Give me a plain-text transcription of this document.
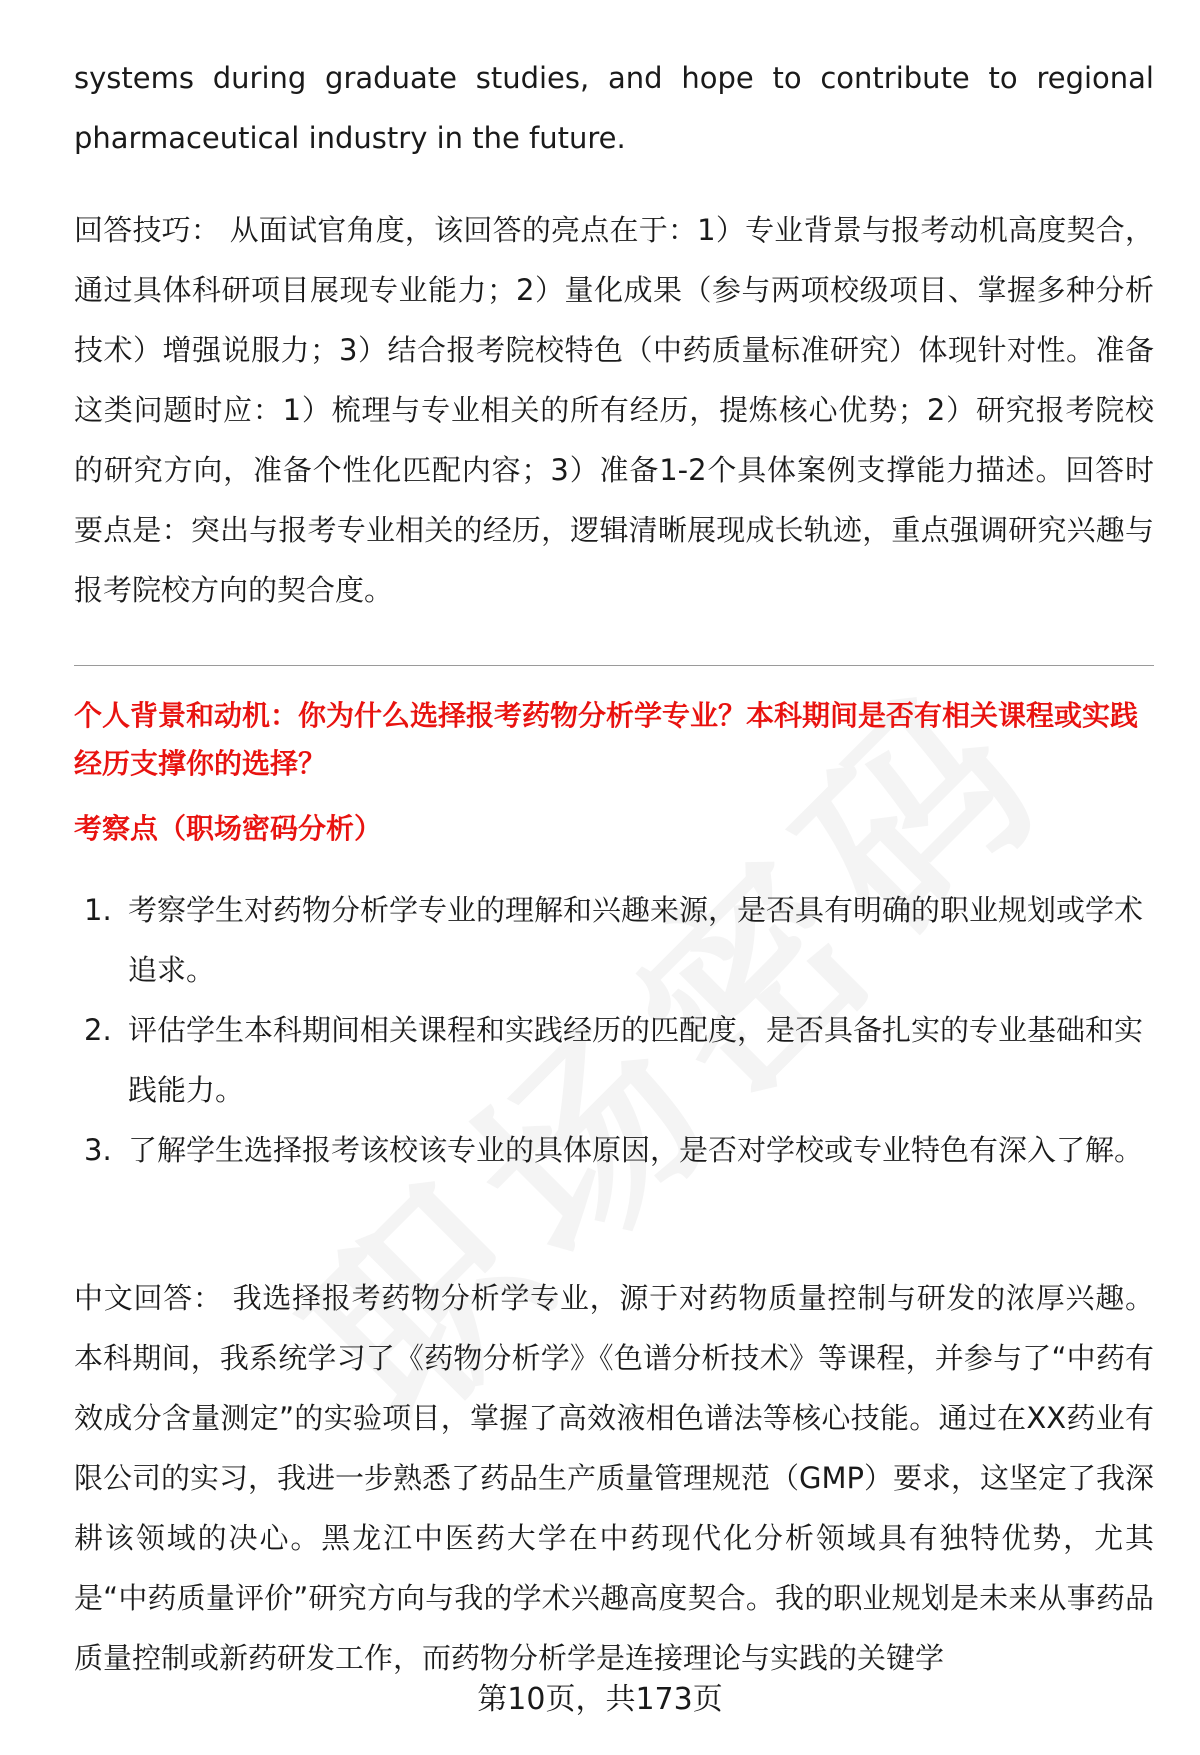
systems during graduate studies, and hope to contribute to regional pharmaceutical industry in the future.

回答技巧： 从面试官角度，该回答的亮点在于：1）专业背景与报考动机高度契合，通过具体科研项目展现专业能力；2）量化成果（参与两项校级项目、掌握多种分析技术）增强说服力；3）结合报考院校特色（中药质量标准研究）体现针对性。准备这类问题时应：1）梳理与专业相关的所有经历，提炼核心优势；2）研究报考院校的研究方向，准备个性化匹配内容；3）准备1-2个具体案例支撑能力描述。回答时要点是：突出与报考专业相关的经历，逻辑清晰展现成长轨迹，重点强调研究兴趣与报考院校方向的契合度。

个人背景和动机：你为什么选择报考药物分析学专业？本科期间是否有相关课程或实践经历支撑你的选择？

考察点（职场密码分析）

1. 考察学生对药物分析学专业的理解和兴趣来源，是否具有明确的职业规划或学术追求。
2. 评估学生本科期间相关课程和实践经历的匹配度，是否具备扎实的专业基础和实践能力。
3. 了解学生选择报考该校该专业的具体原因，是否对学校或专业特色有深入了解。

中文回答： 我选择报考药物分析学专业，源于对药物质量控制与研发的浓厚兴趣。本科期间，我系统学习了《药物分析学》《色谱分析技术》等课程，并参与了“中药有效成分含量测定”的实验项目，掌握了高效液相色谱法等核心技能。通过在XX药业有限公司的实习，我进一步熟悉了药品生产质量管理规范（GMP）要求，这坚定了我深耕该领域的决心。黑龙江中医药大学在中药现代化分析领域具有独特优势，尤其是“中药质量评价”研究方向与我的学术兴趣高度契合。我的职业规划是未来从事药品质量控制或新药研发工作，而药物分析学是连接理论与实践的关键学

第10页，共173页
